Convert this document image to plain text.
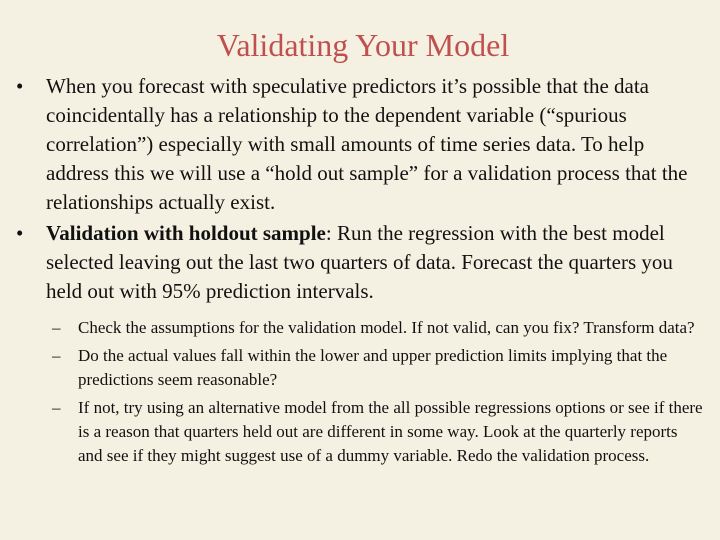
Validating Your Model
•	When you forecast with speculative predictors it’s possible that the data coincidentally has a relationship to the dependent variable (“spurious correlation”) especially with small amounts of time series data. To help address this we will use a “hold out sample” for a validation process that the relationships actually exist.
•	Validation with holdout sample: Run the regression with the best model selected leaving out the last two quarters of data. Forecast the quarters you held out with 95% prediction intervals.
– Check the assumptions for the validation model. If not valid, can you fix? Transform data?
– Do the actual values fall within the lower and upper prediction limits implying that the predictions seem reasonable?
– If not, try using an alternative model from the all possible regressions options or see if there is a reason that quarters held out are different in some way. Look at the quarterly reports and see if they might suggest use of a dummy variable. Redo the validation process.
